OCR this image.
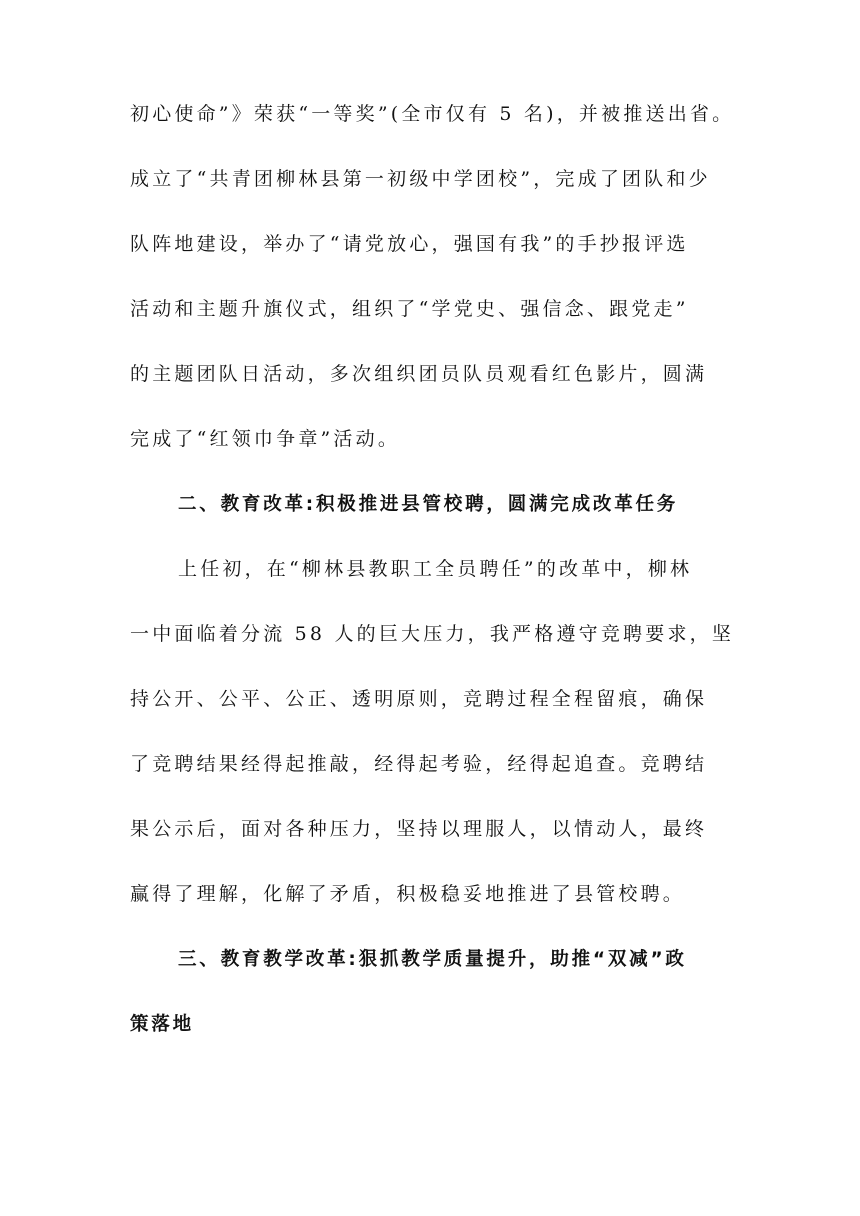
初心使命”》荣获“一等奖”(全市仅有 5 名)，并被推送出省。
成立了“共青团柳林县第一初级中学团校”，完成了团队和少
队阵地建设，举办了“请党放心，强国有我”的手抄报评选
活动和主题升旗仪式，组织了“学党史、强信念、跟党走”
的主题团队日活动，多次组织团员队员观看红色影片，圆满
完成了“红领巾争章”活动。
二、教育改革:积极推进县管校聘，圆满完成改革任务
上任初，在“柳林县教职工全员聘任”的改革中，柳林
一中面临着分流 58 人的巨大压力，我严格遵守竞聘要求，坚
持公开、公平、公正、透明原则，竞聘过程全程留痕，确保
了竞聘结果经得起推敲，经得起考验，经得起追查。竞聘结
果公示后，面对各种压力，坚持以理服人，以情动人，最终
赢得了理解，化解了矛盾，积极稳妥地推进了县管校聘。
三、教育教学改革:狠抓教学质量提升，助推“双减”政
策落地
